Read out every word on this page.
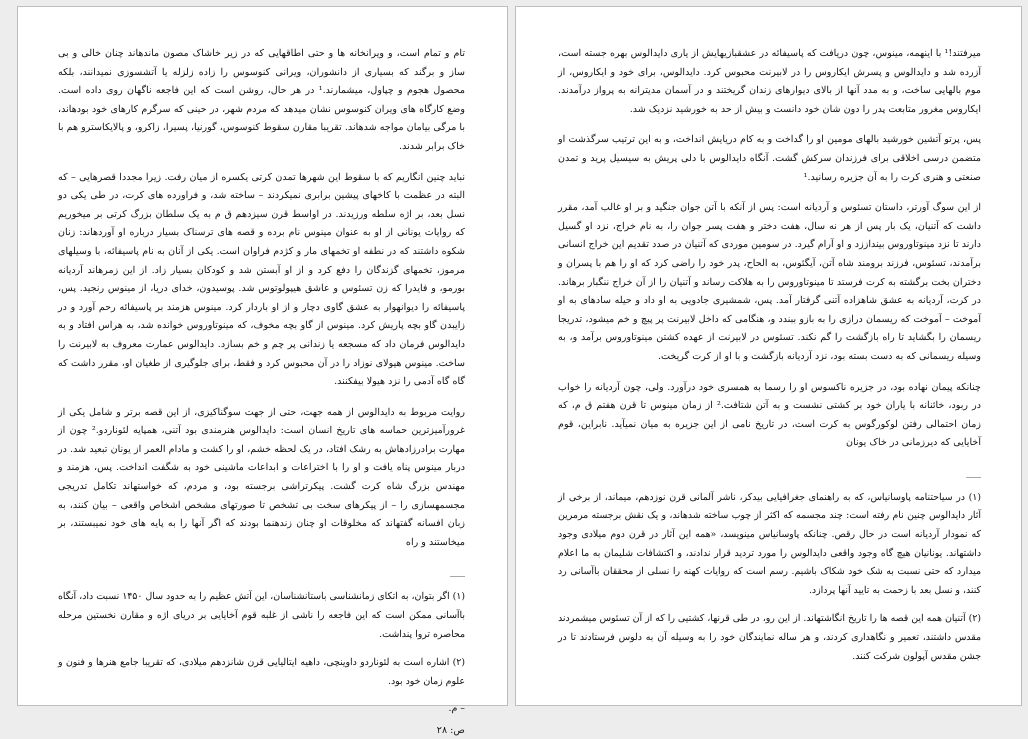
میرفتند!¹ با اینهمه، مینوس، چون دریافت که پاسیفائه در عشقبازیهایش از یاری دایدالوس بهره جسته است، آزرده شد و دایدالوس و پسرش ایکاروس را در لابیرنت محبوس کرد. دایدالوس، برای خود و ایکاروس، از موم بالهایی ساخت، و به مدد آنها از بالای دیوارهای زندان گریختند و در آسمان مدیترانه به پرواز درآمدند. ایکاروس مغرور متابعت پدر را دون شان خود دانست و بیش از حد به خورشید نزدیک شد.

پس، پرتو آتشین خورشید بالهای مومین او را گداخت و به کام دریایش انداخت، و به این ترتیب سرگذشت او متضمن درسی اخلاقی برای فرزندان سرکش گشت. آنگاه دایدالوس با دلی پریش به سیسیل پرید و تمدن صنعتی و هنری کرت را به آن جزیره رسانید.¹

از این سوگ آورتر، داستان تسئوس و آردیانه است: پس از آنکه با آتن جوان جنگید و بر او غالب آمد، مقرر داشت که آتنیان، یک بار پس از هر نه سال، هفت دختر و هفت پسر جوان را، به نام خراج، نزد او گسیل دارند تا نزد مینوتاوروس بینداززد و او آرام گیرد. در سومین موردی که آتنیان در صدد تقدیم این خراج انسانی برآمدند، تسئوس، فرزند برومند شاه آتن، آیگئوس، به الحاح، پدر خود را راضی کرد که او را هم با پسران و دختران بخت برگشته به کرت فرستد تا مینوتاوروس را به هلاکت رساند و آتنیان را از آن خراج ننگبار برهاند. در کرت، آردیانه به عشق شاهزاده آتنی گرفتار آمد. پس، شمشیری جادویی به او داد و حیله سادهای به او آموخت – آموخت که ریسمان درازی را به بازو ببندد و، هنگامی که داخل لابیرنت پر پیچ و خم میشود، تدریجا ریسمان را بگشاید تا راه بازگشت را گم نکند. تسئوس در لابیرنت از عهده کشتن مینوتاوروس برآمد و، به وسیله ریسمانی که به دست بسته بود، نزد آردیانه بازگشت و با او از کرت گریخت.

چنانکه پیمان نهاده بود، در جزیره ناکسوس او را رسما به همسری خود درآورد. ولی، چون آردیانه را خواب در ربود، خائنانه با یاران خود بر کشتی نشست و به آتن شتافت.² از زمان مینوس تا قرن هفتم ق م، که زمان احتمالی رفتن لوکورگوس به کرت است، در تاریخ نامی از این جزیره به میان نمیآید. نابراین، قوم آخایایی که دیرزمانی در خاک یونان

___

(۱) در سیاحتنامه پاوسانیاس، که به راهنمای جغرافیایی بیدکر، ناشر آلمانی قرن نوزدهم، میماند، از برخی از آثار دایدالوس چنین نام رفته است: چند مجسمه که اکثر از چوب ساخته شدهاند، و یک نقش برجسته مرمرین که نمودار آردیانه است در حال رقص. چنانکه پاوسانیاس مینویسد، «همه این آثار در قرن دوم میلادی وجود داشتهاند. یونانیان هیچ گاه وجود واقعی دایدالوس را مورد تردید قرار ندادند، و اکتشافات شلیمان به ما اعلام میدارد که حتی نسبت به شک خود شکاک باشیم. رسم است که روایات کهنه را نسلی از محققان باآسانی رد کنند، و نسل بعد با زحمت به تایید آنها پردازد.

(۲) آتنیان همه این قصه ها را تاریخ انگاشتهاند. از این رو، در طی قرنها، کشتیی را که از آن تسئوس میشمردند مقدس داشتند، تعمیر و نگاهداری کردند، و هر ساله نمایندگان خود را به وسیله آن به دلوس فرستادند تا در جشن مقدس آپولون شرکت کنند.

تام و تمام است، و ویرانخانه ها و حتی اطاقهایی که در زیر خاشاک مصون ماندهاند چنان خالی و بی ساز و برگند که بسیاری از دانشوران، ویرانی کنوسوس را زاده زلزله یا آتشسوزی نمیدانند، بلکه محصول هجوم و چپاول، میشمارند.¹ در هر حال، روشن است که این فاجعه ناگهان روی داده است. وضع کارگاه های ویران کنوسوس نشان میدهد که مردم شهر، در حینی که سرگرم کارهای خود بودهاند، با مرگی بیامان مواجه شدهاند. تقریبا مقارن سقوط کنوسوس، گورنیا، پسیرا، زاکرو، و پالایکاسترو هم با خاک برابر شدند.

نباید چنین انگاریم که با سقوط این شهرها تمدن کرتی یکسره از میان رفت. زیرا مجددا قصرهایی – که البته در عظمت با کاخهای پیشین برابری نمیکردند – ساخته شد، و فراورده های کرت، در طی یکی دو نسل بعد، بر اژه سلطه ورزیدند. در اواسط قرن سیزدهم ق م به یک سلطان بزرگ کرتی بر میخوریم که روایات یونانی از او به عنوان مینوس نام برده و قصه های ترسناک بسیار درباره او آوردهاند: زنان شکوه داشتند که در نطفه او تخمهای مار و کژدم فراوان است. یکی از آنان به نام پاسیفائه، با وسیلهای مرموز، تخمهای گزندگان را دفع کرد و از او آبستن شد و کودکان بسیار زاد. از این زمرهاند آردیانه بورمو، و فایدرا که زن تسئوس و عاشق هیپولوتوس شد. پوسیدون، خدای دریا، از مینوس رنجید. پس، پاسیفائه را دیوانهوار به عشق گاوی دچار و از او باردار کرد. مینوس هزمند بر پاسیفائه رحم آورد و در زایبدن گاو بچه پاریش کرد. مینوس از گاو بچه مخوف، که مینوتاوروس خوانده شد، به هراس افتاد و به دایدالوس فرمان داد که مسجعه یا زندانی پر چم و خم بسازد. دایدالوس عمارت معروف به لابیرنت را ساخت. مینوس هیولای نوزاد را در آن محبوس کرد و فقط، برای جلوگیری از طغیان او، مقرر داشت که گاه گاه آدمی را نزد هیولا بیفکنند.

روایت مربوط به دایدالوس از همه جهت، حتی از جهت سوگناکیزی، از این قصه برتر و شامل یکی از غرورآمیزترین حماسه های تاریخ انسان است: دایدالوس هنرمندی بود آتنی، همپایه لئوناردو.² چون از مهارت برادرزادهاش به رشک افتاد، در یک لحظه خشم، او را کشت و مادام العمر از یونان تبعید شد. در دربار مینوس پناه یافت و او را با اختراعات و ابداعات ماشینی خود به شگفت انداخت. پس، هزمند و مهندس بزرگ شاه کرت گشت. پیکرتراشی برجسته بود، و مردم، که خواستهاند تکامل تدریجی مجسمهسازی را – از پیکرهای سخت بی تشخص تا صورتهای مشخص اشخاص واقعی – بیان کنند، به زبان افسانه گفتهاند که مخلوقات او چنان زندهنما بودند که اگر آنها را به پایه های خود نمیبستند، بر میخاستند و راه

___

(۱) اگر بتوان، به اتکای زمانشناسی باستانشناسان، این آتش عظیم را به حدود سال ۱۴۵۰ نسبت داد، آنگاه باآسانی ممکن است که این فاجعه را ناشی از غلبه قوم آخایایی بر دریای اژه و مقارن نخستین مرحله محاصره تروا پنداشت.

(۲) اشاره است به لئوناردو داوینچی، داهیه ایتالیایی قرن شانزدهم میلادی، که تقریبا جامع هنرها و فنون و علوم زمان خود بود.

– م.
ص: ۲۸
